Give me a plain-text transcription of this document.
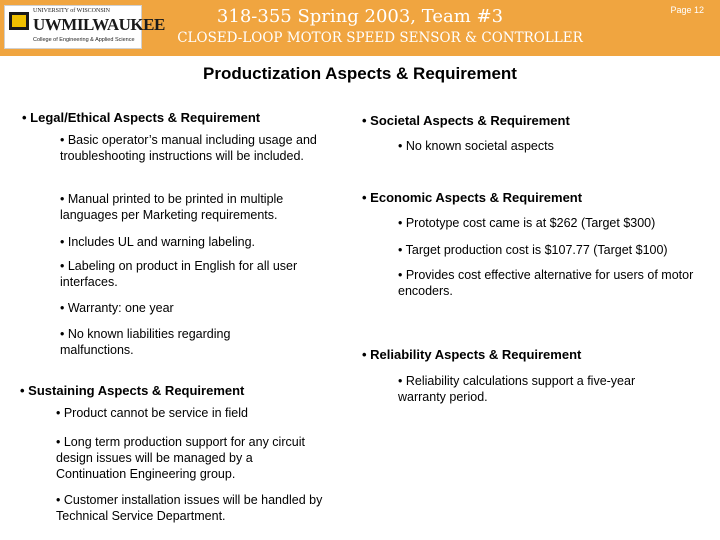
UNIVERSITY of WISCONSIN
UWMILWAUKEE
College of Engineering & Applied Science
318-355 Spring 2003, Team #3
CLOSED-LOOP MOTOR SPEED SENSOR & CONTROLLER
Page 12
Productization Aspects & Requirement
• Legal/Ethical Aspects & Requirement
• Basic operator’s manual including usage and troubleshooting instructions will be included.
• Manual printed to be printed in multiple languages per Marketing requirements.
• Includes UL and warning labeling.
• Labeling on product in English for all user interfaces.
• Warranty: one year
• No known liabilities regarding malfunctions.
• Sustaining Aspects & Requirement
• Product cannot be service in field
• Long term production support for any circuit design issues will be managed by a Continuation Engineering group.
• Customer installation issues will be handled by Technical Service Department.
• Societal Aspects & Requirement
• No known societal aspects
• Economic Aspects & Requirement
• Prototype cost came is at $262 (Target $300)
• Target production cost is $107.77 (Target $100)
• Provides cost effective alternative for users of motor encoders.
• Reliability Aspects & Requirement
• Reliability calculations support a five-year warranty period.
